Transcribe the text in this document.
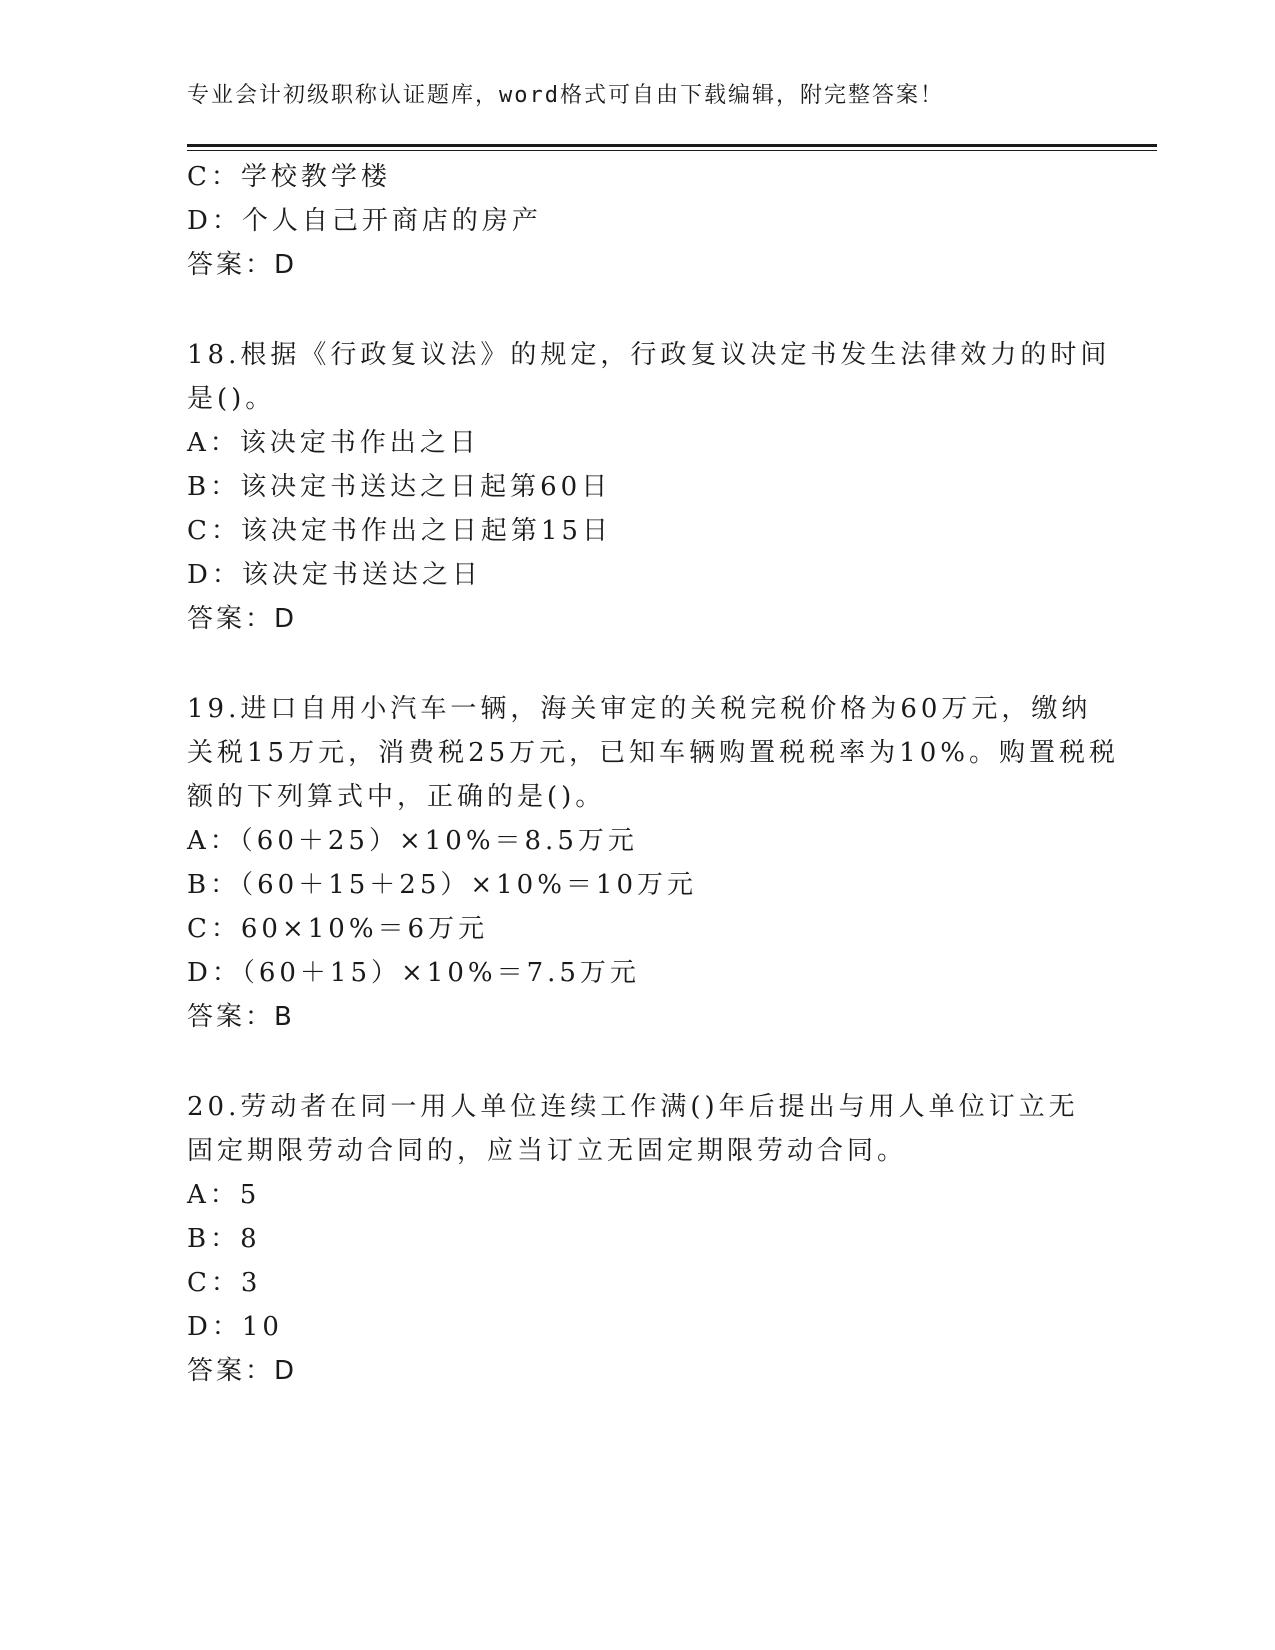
专业会计初级职称认证题库，word格式可自由下载编辑，附完整答案！
C：学校教学楼
D：个人自己开商店的房产
答案：D
18.根据《行政复议法》的规定，行政复议决定书发生法律效力的时间
是()。
A：该决定书作出之日
B：该决定书送达之日起第60日
C：该决定书作出之日起第15日
D：该决定书送达之日
答案：D
19.进口自用小汽车一辆，海关审定的关税完税价格为60万元，缴纳
关税15万元，消费税25万元，已知车辆购置税税率为10%。购置税税
额的下列算式中，正确的是()。
A：（60＋25）×10%＝8.5万元
B：（60＋15＋25）×10%＝10万元
C：60×10%＝6万元
D：（60＋15）×10%＝7.5万元
答案：B
20.劳动者在同一用人单位连续工作满()年后提出与用人单位订立无
固定期限劳动合同的，应当订立无固定期限劳动合同。
A：5
B：8
C：3
D：10
答案：D
